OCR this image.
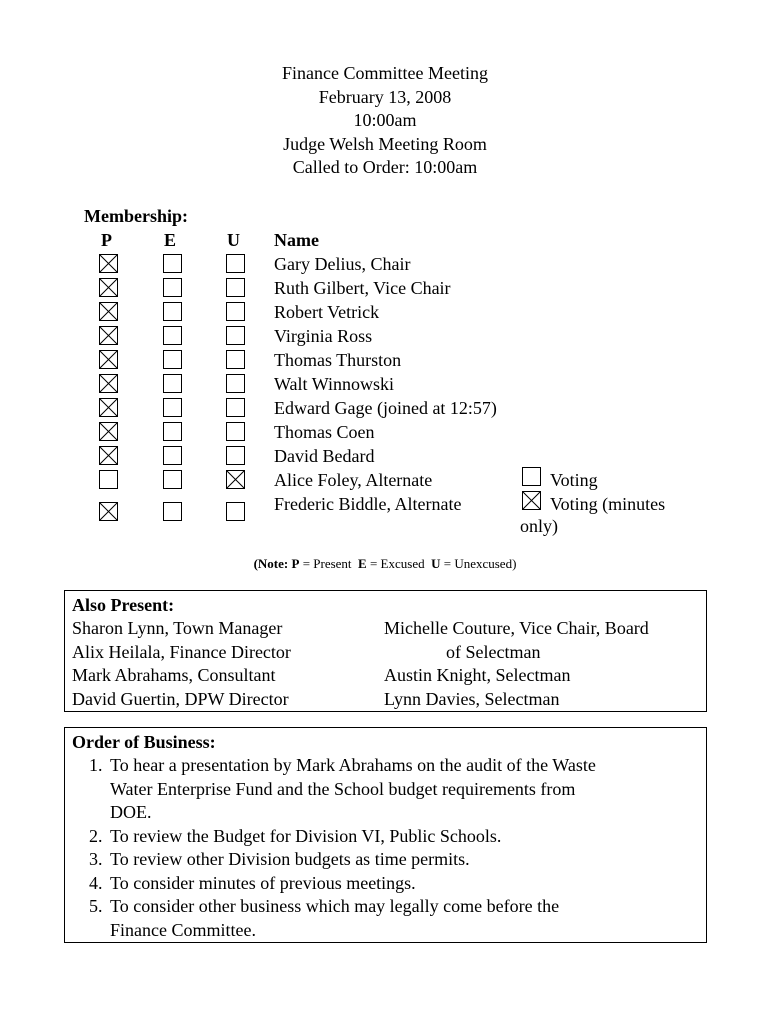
Finance Committee Meeting
February 13, 2008
10:00am
Judge Welsh Meeting Room
Called to Order: 10:00am
Membership:
P	E	U Name
Gary Delius, Chair
Ruth Gilbert, Vice Chair
Robert Vetrick
Virginia Ross
Thomas Thurston
Walt Winnowski
Edward Gage (joined at 12:57)
Thomas Coen
David Bedard
Alice Foley, Alternate
Frederic Biddle, Alternate
Voting
Voting (minutes
only)
(Note: P = Present  E = Excused  U = Unexcused)
Also Present:
Sharon Lynn, Town Manager
Alix Heilala, Finance Director
Mark Abrahams, Consultant
David Guertin, DPW Director
Michelle Couture, Vice Chair, Board
of Selectman
Austin Knight, Selectman
Lynn Davies, Selectman
Order of Business:
1. To hear a presentation by Mark Abrahams on the audit of the Waste
Water Enterprise Fund and the School budget requirements from
DOE.
2. To review the Budget for Division VI, Public Schools.
3. To review other Division budgets as time permits.
4. To consider minutes of previous meetings.
5. To consider other business which may legally come before the
Finance Committee.
